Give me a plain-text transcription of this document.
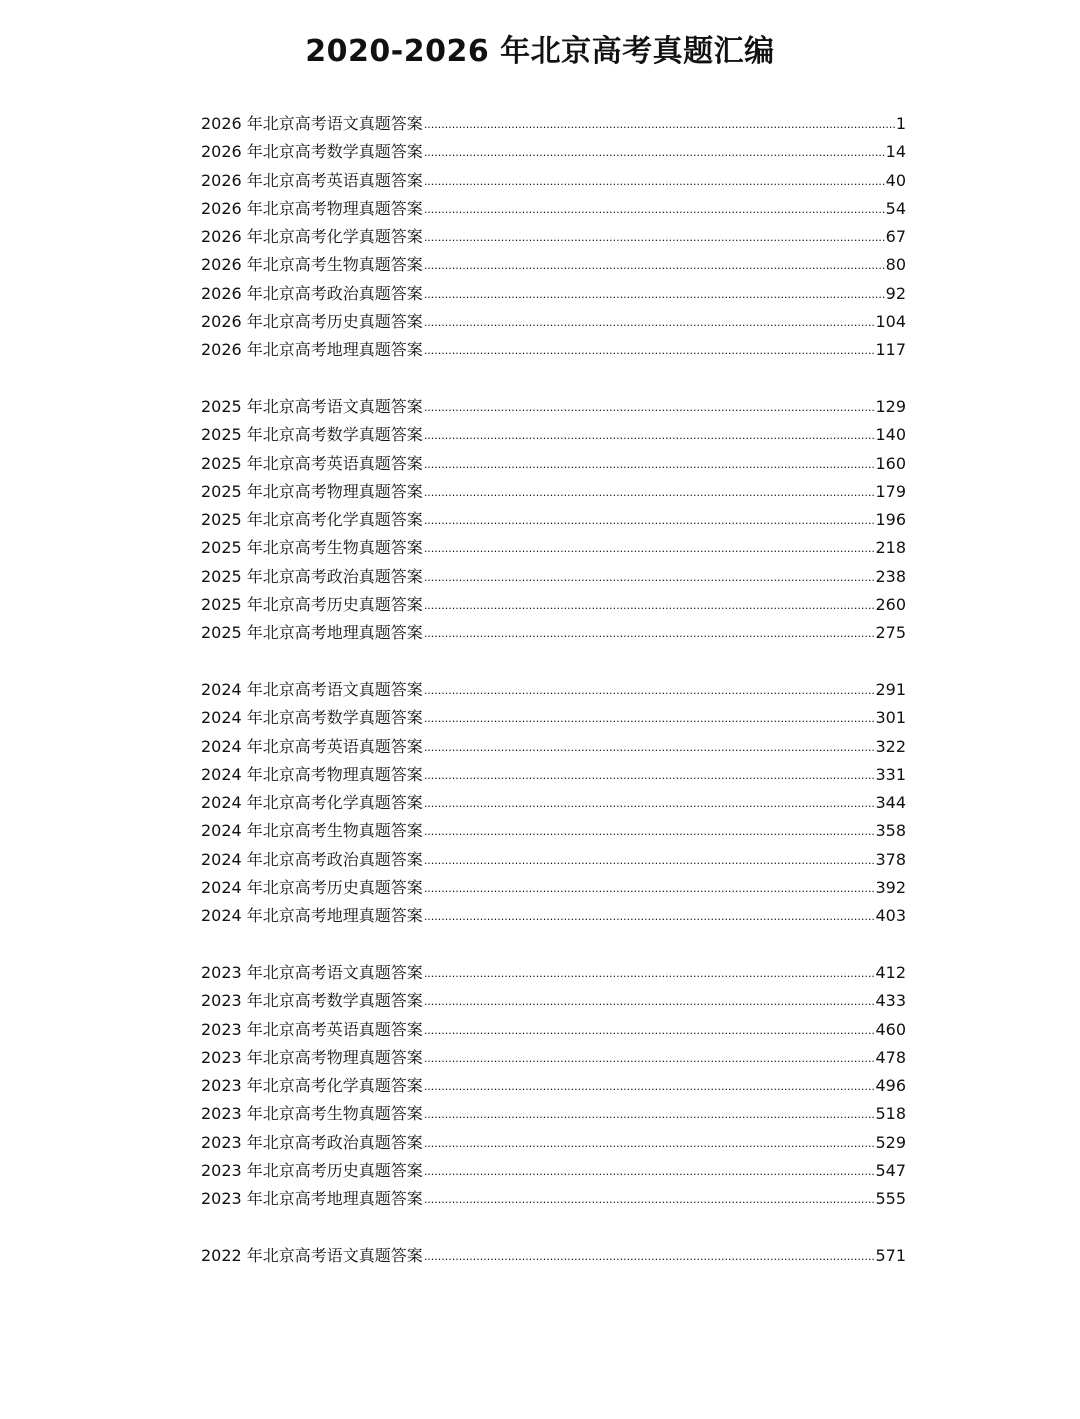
2020-2026 年北京高考真题汇编
2026 年北京高考语文真题答案 .....	1
2026 年北京高考数学真题答案 .....	14
2026 年北京高考英语真题答案 .....	40
2026 年北京高考物理真题答案 .....	54
2026 年北京高考化学真题答案 .....	67
2026 年北京高考生物真题答案 .....	80
2026 年北京高考政治真题答案 .....	92
2026 年北京高考历史真题答案 .....	104
2026 年北京高考地理真题答案 .....	117
2025 年北京高考语文真题答案 .....	129
2025 年北京高考数学真题答案 .....	140
2025 年北京高考英语真题答案 .....	160
2025 年北京高考物理真题答案 .....	179
2025 年北京高考化学真题答案 .....	196
2025 年北京高考生物真题答案 .....	218
2025 年北京高考政治真题答案 .....	238
2025 年北京高考历史真题答案 .....	260
2025 年北京高考地理真题答案 .....	275
2024 年北京高考语文真题答案 .....	291
2024 年北京高考数学真题答案 .....	301
2024 年北京高考英语真题答案 .....	322
2024 年北京高考物理真题答案 .....	331
2024 年北京高考化学真题答案 .....	344
2024 年北京高考生物真题答案 .....	358
2024 年北京高考政治真题答案 .....	378
2024 年北京高考历史真题答案 .....	392
2024 年北京高考地理真题答案 .....	403
2023 年北京高考语文真题答案 .....	412
2023 年北京高考数学真题答案 .....	433
2023 年北京高考英语真题答案 .....	460
2023 年北京高考物理真题答案 .....	478
2023 年北京高考化学真题答案 .....	496
2023 年北京高考生物真题答案 .....	518
2023 年北京高考政治真题答案 .....	529
2023 年北京高考历史真题答案 .....	547
2023 年北京高考地理真题答案 .....	555
2022 年北京高考语文真题答案 .....	571
